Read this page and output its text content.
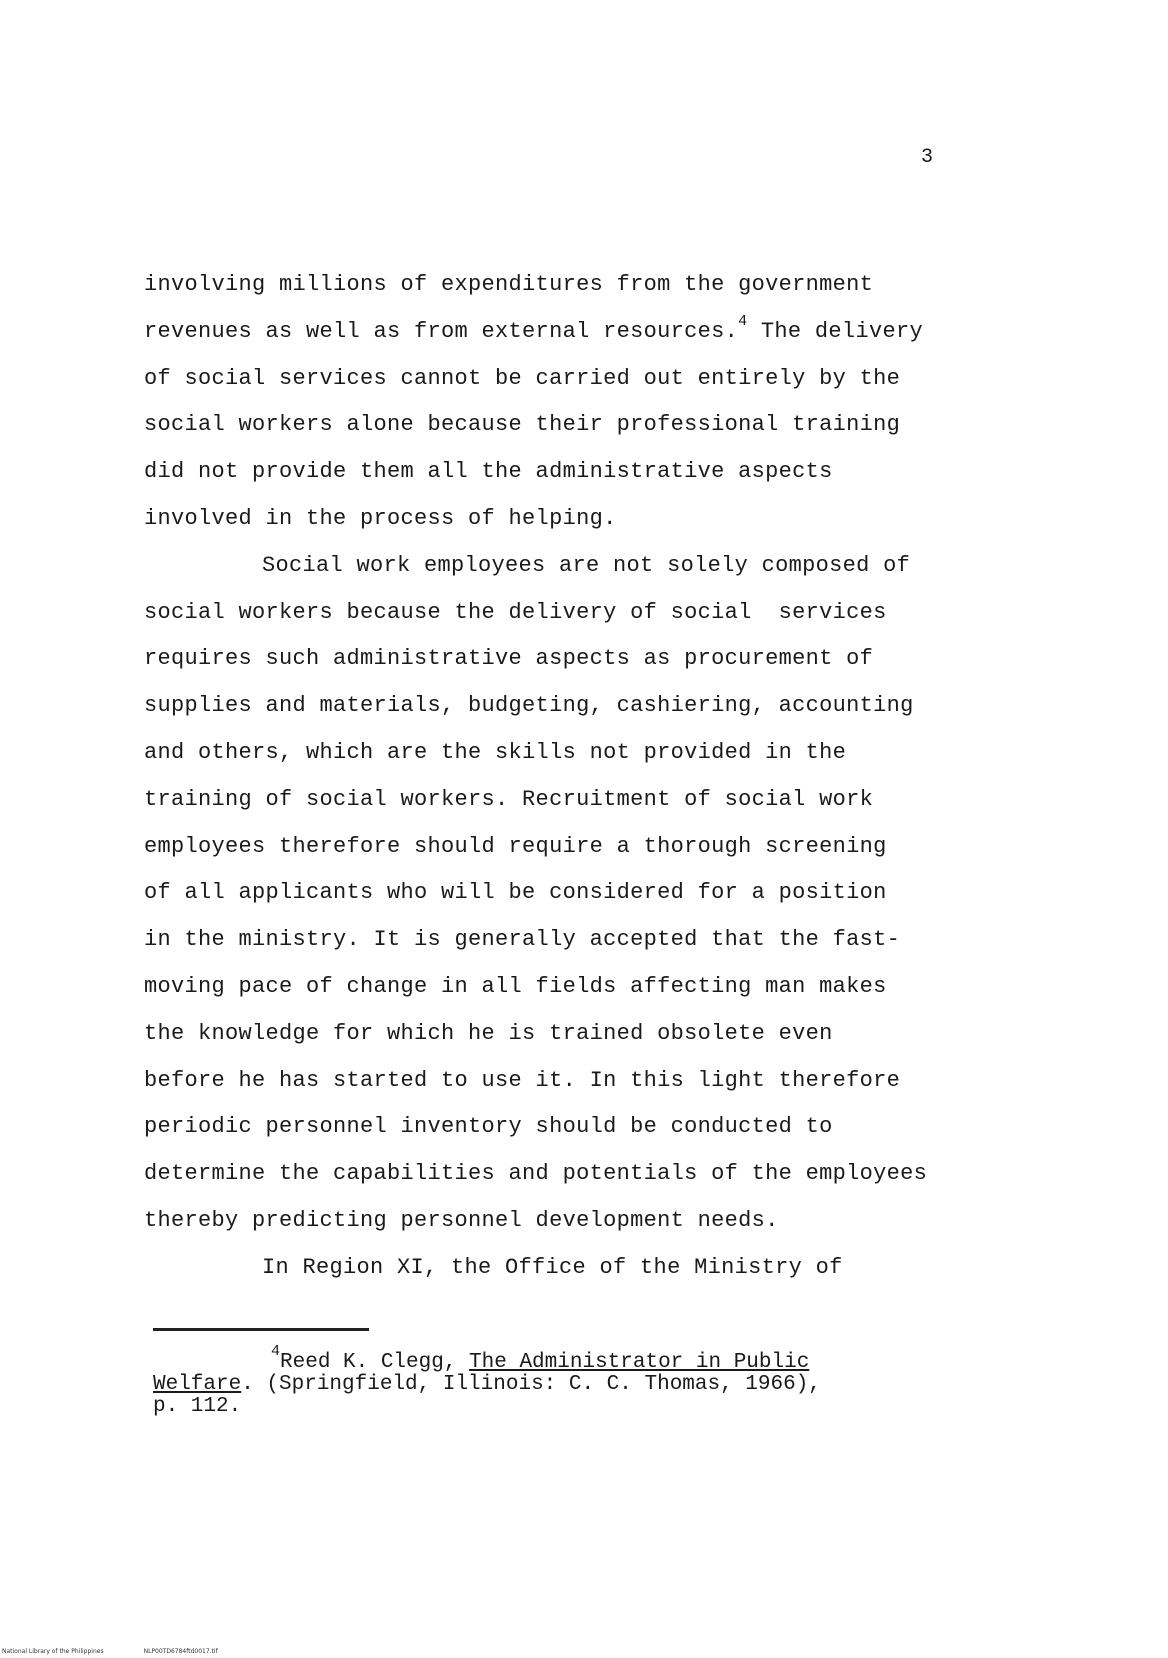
3
involving millions of expenditures from the government
revenues as well as from external resources.$^4$ The delivery
of social services cannot be carried out entirely by the
social workers alone because their professional training
did not provide them all the administrative aspects
involved in the process of helping.
Social work employees are not solely composed of
social workers because the delivery of social  services
requires such administrative aspects as procurement of
supplies and materials, budgeting, cashiering, accounting
and others, which are the skills not provided in the
training of social workers. Recruitment of social work
employees therefore should require a thorough screening
of all applicants who will be considered for a position
in the ministry. It is generally accepted that the fast-
moving pace of change in all fields affecting man makes
the knowledge for which he is trained obsolete even
before he has started to use it. In this light therefore
periodic personnel inventory should be conducted to
determine the capabilities and potentials of the employees
thereby predicting personnel development needs.
In Region XI, the Office of the Ministry of
$^4$Reed K. Clegg, The Administrator in Public
Welfare. (Springfield, Illinois: C. C. Thomas, 1966),
p. 112.
National Library of the Philippines	NLP00TD6784ftd0017.tif
